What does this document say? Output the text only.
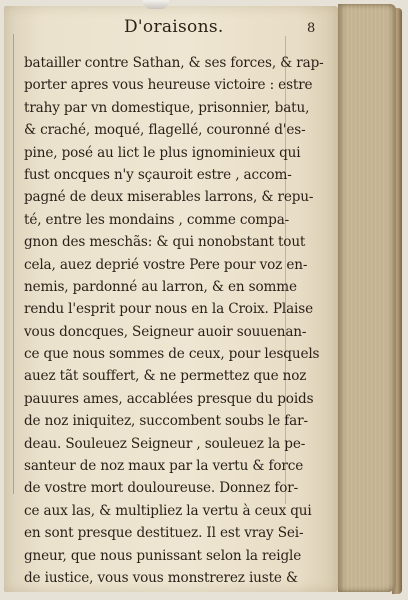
D'oraisons.	8
batailler contre Sathan, & ses forces, & rap-
porter apres vous heureuse victoire : estre
trahy par vn domestique, prisonnier, batu,
& craché, moqué, flagellé, couronné d'es-
pine, posé au lict le plus ignominieux qui
fust oncques n'y sçauroit estre , accom-
pagné de deux miserables larrons, & repu-
té, entre les mondains , comme compa-
gnon des meschãs: & qui nonobstant tout
cela, auez deprié vostre Pere pour voz en-
nemis, pardonné au larron, & en somme
rendu l'esprit pour nous en la Croix. Plaise
vous doncques, Seigneur auoir souuenan-
ce que nous sommes de ceux, pour lesquels
auez tãt souffert, & ne permettez que noz
pauures ames, accablées presque du poids
de noz iniquitez, succombent soubs le far-
deau. Souleuez Seigneur , souleuez la pe-
santeur de noz maux par la vertu & force
de vostre mort douloureuse. Donnez for-
ce aux las, & multipliez la vertu à ceux qui
en sont presque destituez. Il est vray Sei-
gneur, que nous punissant selon la reigle
de iustice, vous vous monstrerez iuste &
